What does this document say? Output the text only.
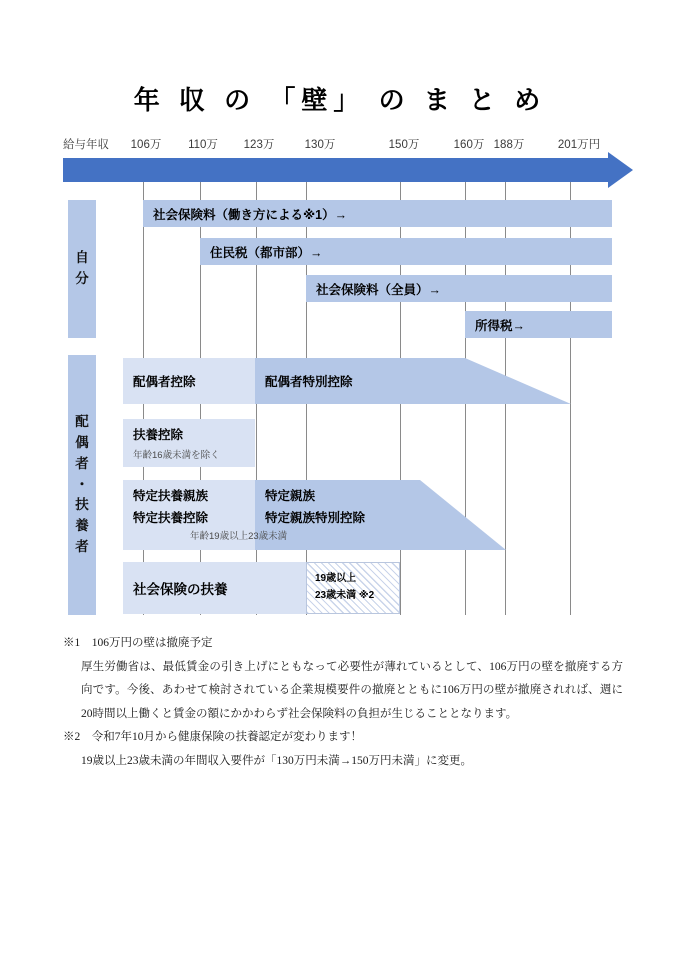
年 収 の 「壁」 の ま と め
給与年収 106万 110万 123万	130万	150万	160万 188万	201万円
自
分
社会保険料（働き方による※1）→
住民税（都市部）→
社会保険料（全員）→
所得税→
配
偶
者
・
扶
養
者
配偶者控除	配偶者特別控除
扶養控除
年齢16歳未満を除く
特定扶養親族
特定扶養控除
特定親族
特定親族特別控除
年齢19歳以上23歳未満
社会保険の扶養
19歳以上
23歳未満 ※2
※1 106万円の壁は撤廃予定
厚生労働省は、最低賃金の引き上げにともなって必要性が薄れているとして、106万円の壁を撤廃する方向です。今後、あわせて検討されている企業規模要件の撤廃とともに106万円の壁が撤廃されれば、週に20時間以上働くと賃金の額にかかわらず社会保険料の負担が生じることとなります。
※2 令和7年10月から健康保険の扶養認定が変わります！
19歳以上23歳未満の年間収入要件が「130万円未満→150万円未満」に変更。
